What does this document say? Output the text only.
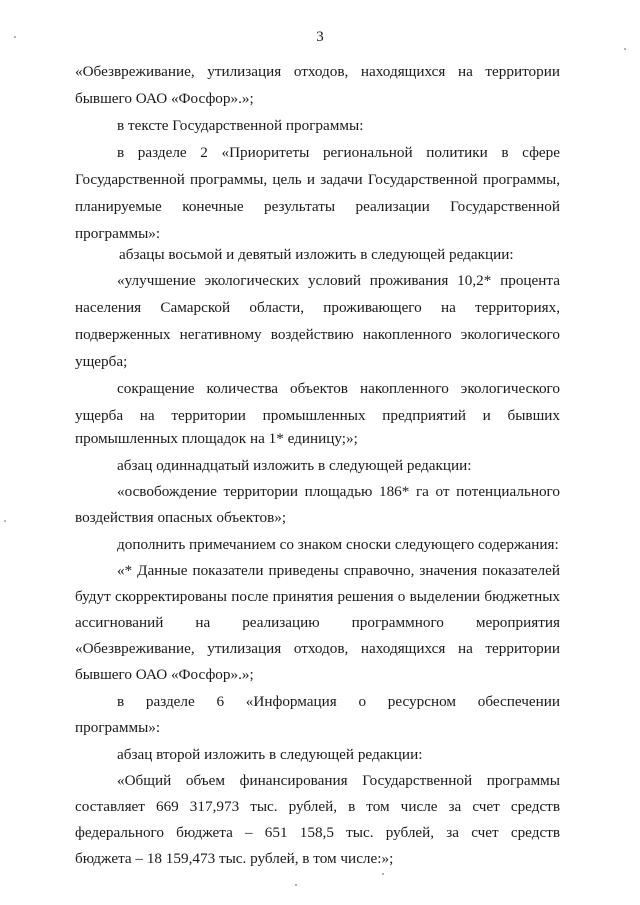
3
«Обезвреживание, утилизация отходов, находящихся на территории
бывшего ОАО «Фосфор».»;
в тексте Государственной программы:
в разделе 2 «Приоритеты региональной политики в сфере
Государственной программы, цель и задачи Государственной программы,
планируемые конечные результаты реализации Государственной
программы»:
абзацы восьмой и девятый изложить в следующей редакции:
«улучшение экологических условий проживания 10,2* процента
населения Самарской области, проживающего на территориях,
подверженных негативному воздействию накопленного экологического
ущерба;
сокращение количества объектов накопленного экологического
ущерба на территории промышленных предприятий и бывших
промышленных площадок на 1* единицу;»;
абзац одиннадцатый изложить в следующей редакции:
«освобождение территории площадью 186* га от потенциального
воздействия опасных объектов»;
дополнить примечанием со знаком сноски следующего содержания:
«* Данные показатели приведены справочно, значения показателей
будут скорректированы после принятия решения о выделении бюджетных
ассигнований на реализацию программного мероприятия
«Обезвреживание, утилизация отходов, находящихся на территории
бывшего ОАО «Фосфор».»;
в разделе 6 «Информация о ресурсном обеспечении
программы»:
абзац второй изложить в следующей редакции:
«Общий объем финансирования Государственной программы
составляет 669 317,973 тыс. рублей, в том числе за счет средств
федерального бюджета – 651 158,5 тыс. рублей, за счет средств
бюджета – 18 159,473 тыс. рублей, в том числе:»;
